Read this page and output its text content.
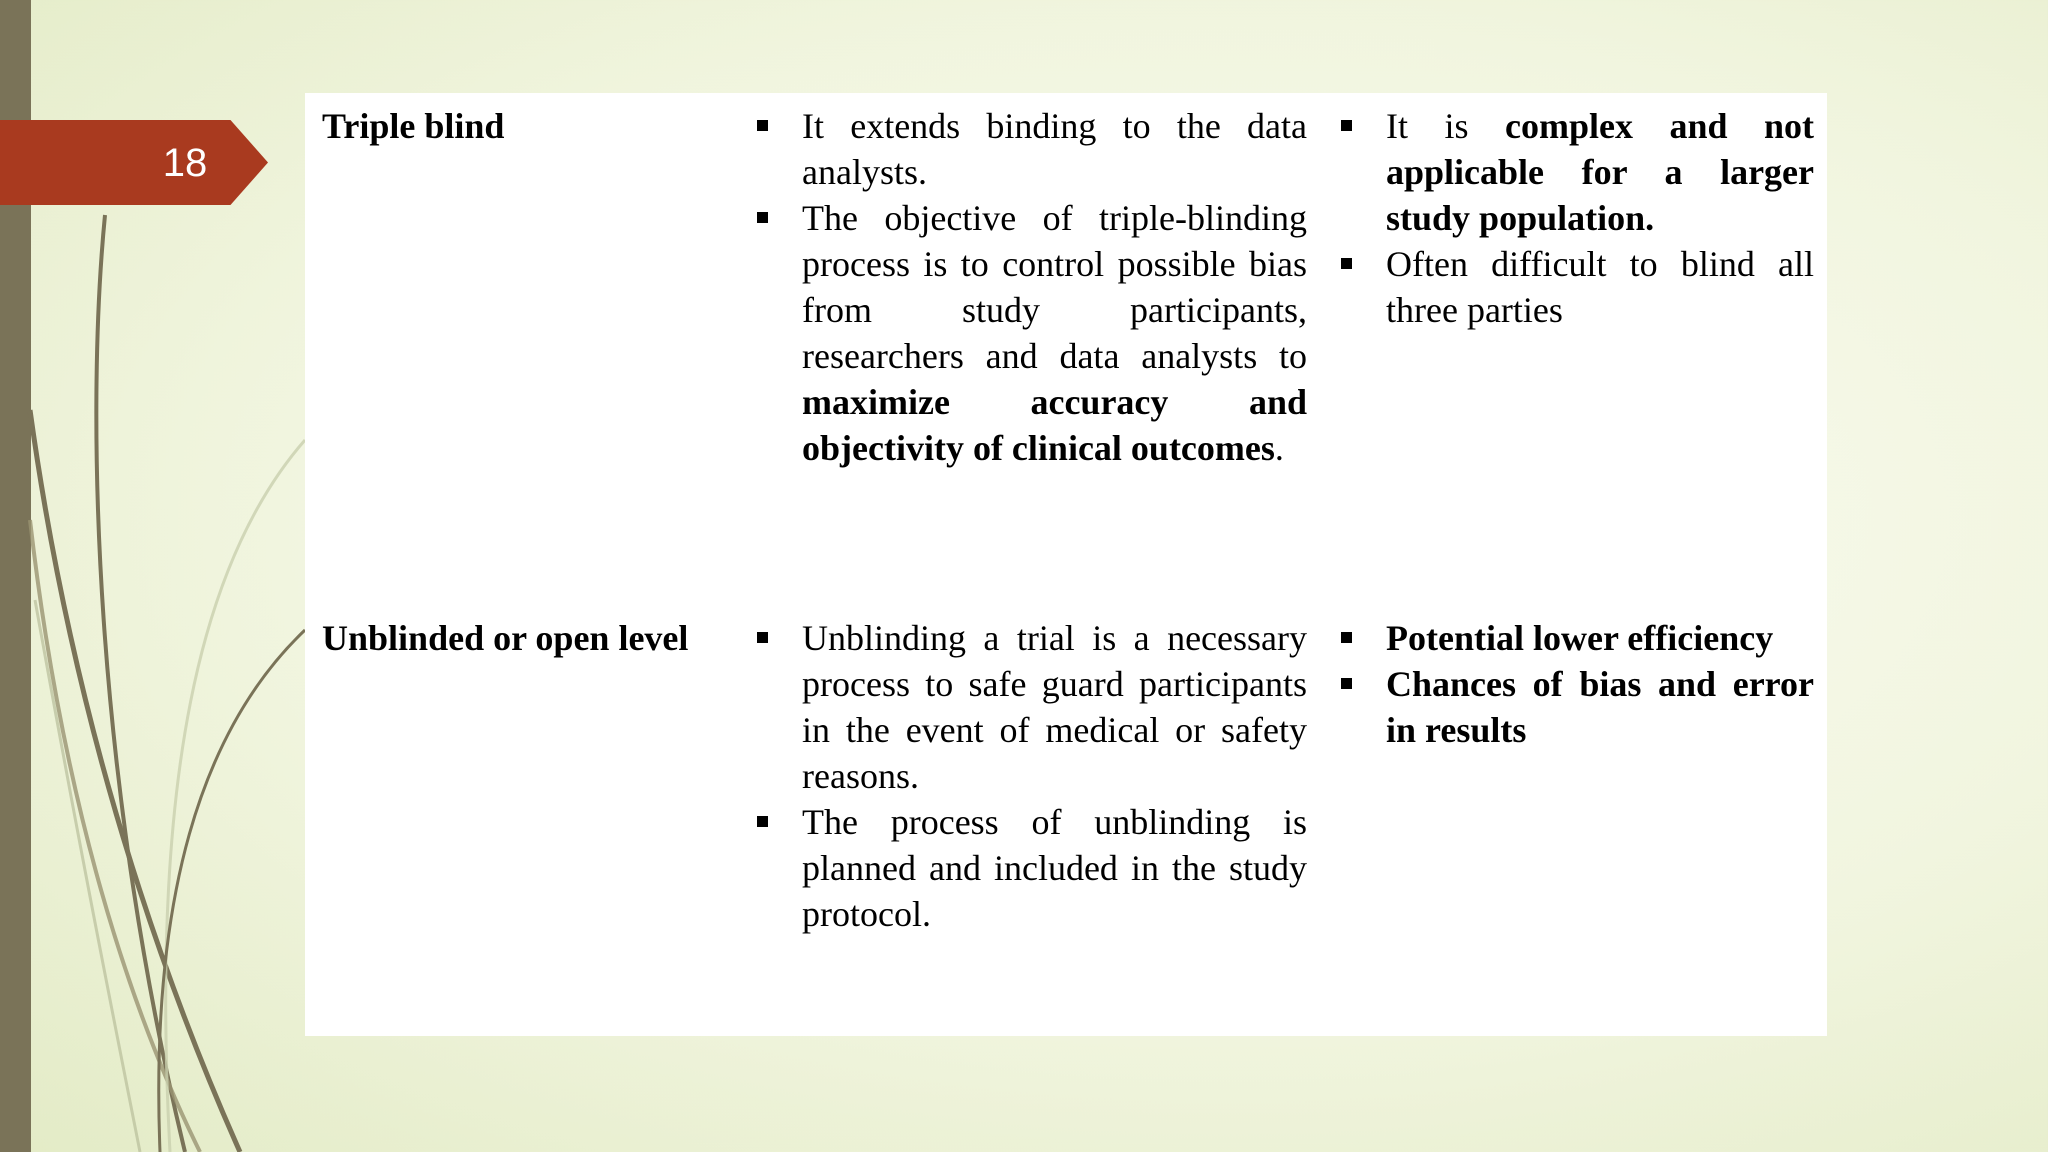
18
Triple blind	It extends binding to the data analysts.
The objective of triple-blinding process is to control possible bias from study participants, researchers and data analysts to maximize accuracy and objectivity of clinical outcomes.
It is complex and not applicable for a larger study population.
Often difficult to blind all three parties
Unblinded or open level	Unblinding a trial is a necessary process to safe guard participants in the event of medical or safety reasons.
The process of unblinding is planned and included in the study protocol.
Potential lower efficiency
Chances of bias and error in results
